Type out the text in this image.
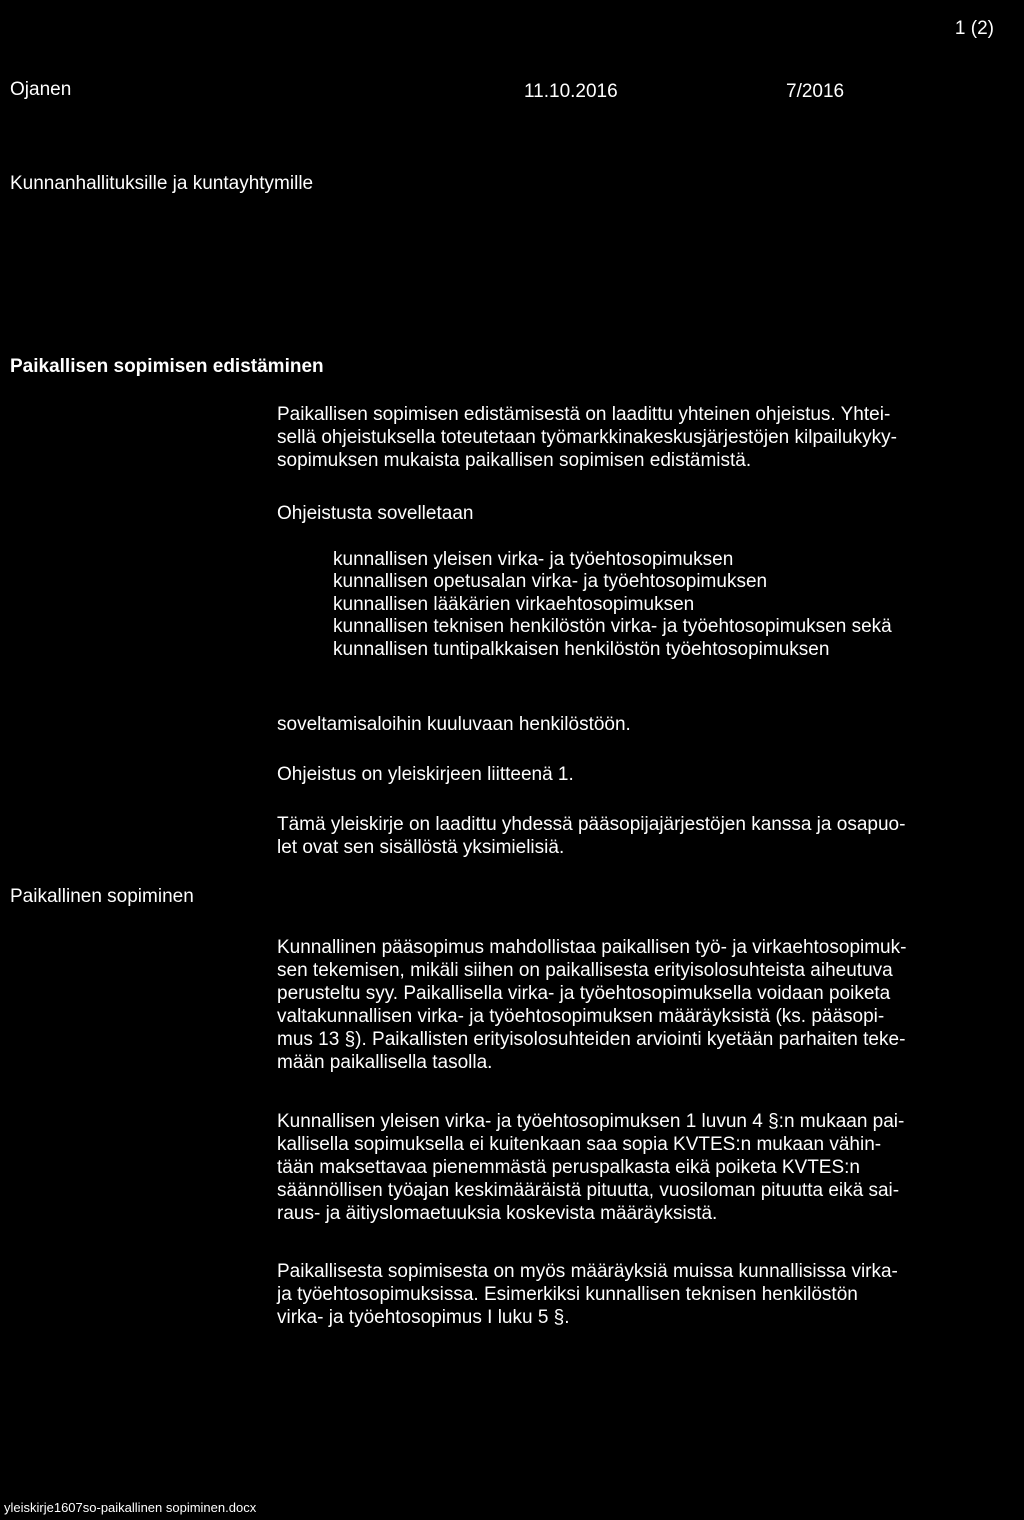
1 (2)
Ojanen	11.10.2016	7/2016
Kunnanhallituksille ja kuntayhtymille
Paikallisen sopimisen edistäminen
Paikallisen sopimisen edistämisestä on laadittu yhteinen ohjeistus. Yhtei-
sellä ohjeistuksella toteutetaan työmarkkinakeskusjärjestöjen kilpailukyky-
sopimuksen mukaista paikallisen sopimisen edistämistä.
Ohjeistusta sovelletaan
kunnallisen yleisen virka- ja työehtosopimuksen
kunnallisen opetusalan virka- ja työehtosopimuksen
kunnallisen lääkärien virkaehtosopimuksen
kunnallisen teknisen henkilöstön virka- ja työehtosopimuksen sekä
kunnallisen tuntipalkkaisen henkilöstön työehtosopimuksen
soveltamisaloihin kuuluvaan henkilöstöön.
Ohjeistus on yleiskirjeen liitteenä 1.
Tämä yleiskirje on laadittu yhdessä pääsopijajärjestöjen kanssa ja osapuo-
let ovat sen sisällöstä yksimielisiä.
Paikallinen sopiminen
Kunnallinen pääsopimus mahdollistaa paikallisen työ- ja virkaehtosopimuk-
sen tekemisen, mikäli siihen on paikallisesta erityisolosuhteista aiheutuva
perusteltu syy. Paikallisella virka- ja työehtosopimuksella voidaan poiketa
valtakunnallisen virka- ja työehtosopimuksen määräyksistä (ks. pääsopi-
mus 13 §). Paikallisten erityisolosuhteiden arviointi kyetään parhaiten teke-
mään paikallisella tasolla.
Kunnallisen yleisen virka- ja työehtosopimuksen 1 luvun 4 §:n mukaan pai-
kallisella sopimuksella ei kuitenkaan saa sopia KVTES:n mukaan vähin-
tään maksettavaa pienemmästä peruspalkasta eikä poiketa KVTES:n
säännöllisen työajan keskimääräistä pituutta, vuosiloman pituutta eikä sai-
raus- ja äitiyslomaetuuksia koskevista määräyksistä.
Paikallisesta sopimisesta on myös määräyksiä muissa kunnallisissa virka-
ja työehtosopimuksissa. Esimerkiksi kunnallisen teknisen henkilöstön
virka- ja työehtosopimus I luku 5 §.
yleiskirje1607so-paikallinen sopiminen.docx
